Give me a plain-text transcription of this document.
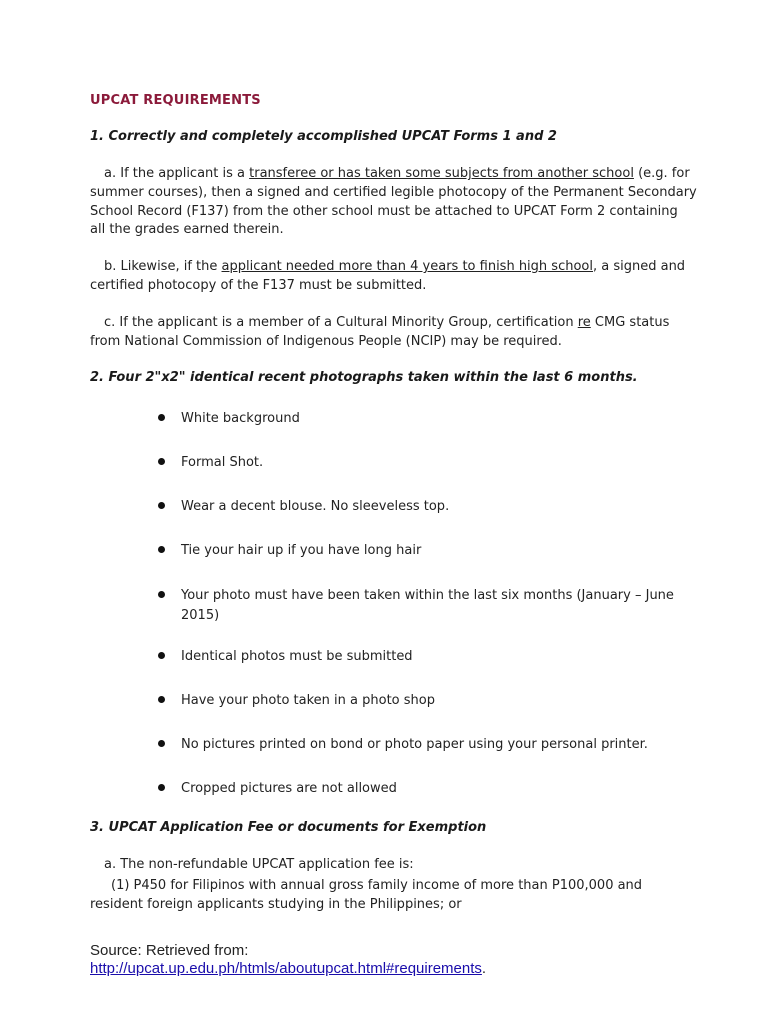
UPCAT REQUIREMENTS
1. Correctly and completely accomplished UPCAT Forms 1 and 2
a. If the applicant is a transferee or has taken some subjects from another school (e.g. for
summer courses), then a signed and certified legible photocopy of the Permanent Secondary
School Record (F137) from the other school must be attached to UPCAT Form 2 containing
all the grades earned therein.
b. Likewise, if the applicant needed more than 4 years to finish high school, a signed and
certified photocopy of the F137 must be submitted.
c. If the applicant is a member of a Cultural Minority Group, certification re CMG status
from National Commission of Indigenous People (NCIP) may be required.
2. Four 2"x2" identical recent photographs taken within the last 6 months.
White background
Formal Shot.
Wear a decent blouse. No sleeveless top.
Tie your hair up if you have long hair
Your photo must have been taken within the last six months (January – June
2015)
Identical photos must be submitted
Have your photo taken in a photo shop
No pictures printed on bond or photo paper using your personal printer.
Cropped pictures are not allowed
3. UPCAT Application Fee or documents for Exemption
a. The non-refundable UPCAT application fee is:
(1) P450 for Filipinos with annual gross family income of more than P100,000 and
resident foreign applicants studying in the Philippines; or
Source: Retrieved from:
http://upcat.up.edu.ph/htmls/aboutupcat.html#requirements.
